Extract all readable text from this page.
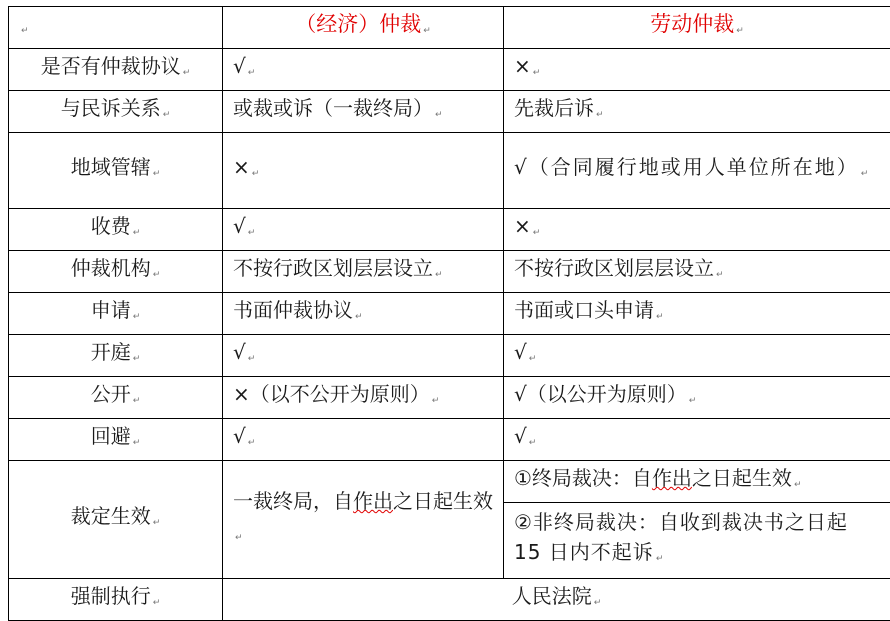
↵	（经济）仲裁 ↵	劳动仲裁 ↵
是否有仲裁协议 ↵	√ ↵	× ↵
与民诉关系 ↵	或裁或诉（一裁终局） ↵	先裁后诉 ↵
地域管辖 ↵	× ↵	√（合同履行地或用人单位所在地） ↵
收费 ↵	√ ↵	× ↵
仲裁机构 ↵	不按行政区划层层设立 ↵	不按行政区划层层设立 ↵
申请 ↵	书面仲裁协议 ↵	书面或口头申请 ↵
开庭 ↵	√ ↵	√ ↵
公开 ↵	×（以不公开为原则） ↵	√（以公开为原则） ↵
回避 ↵	√ ↵	√ ↵
裁定生效 ↵	一裁终局，自作出之日起生效↵	①终局裁决：自作出之日起生效 ↵
		②非终局裁决：自收到裁决书之日起 15 日内不起诉 ↵
强制执行 ↵	人民法院 ↵	
